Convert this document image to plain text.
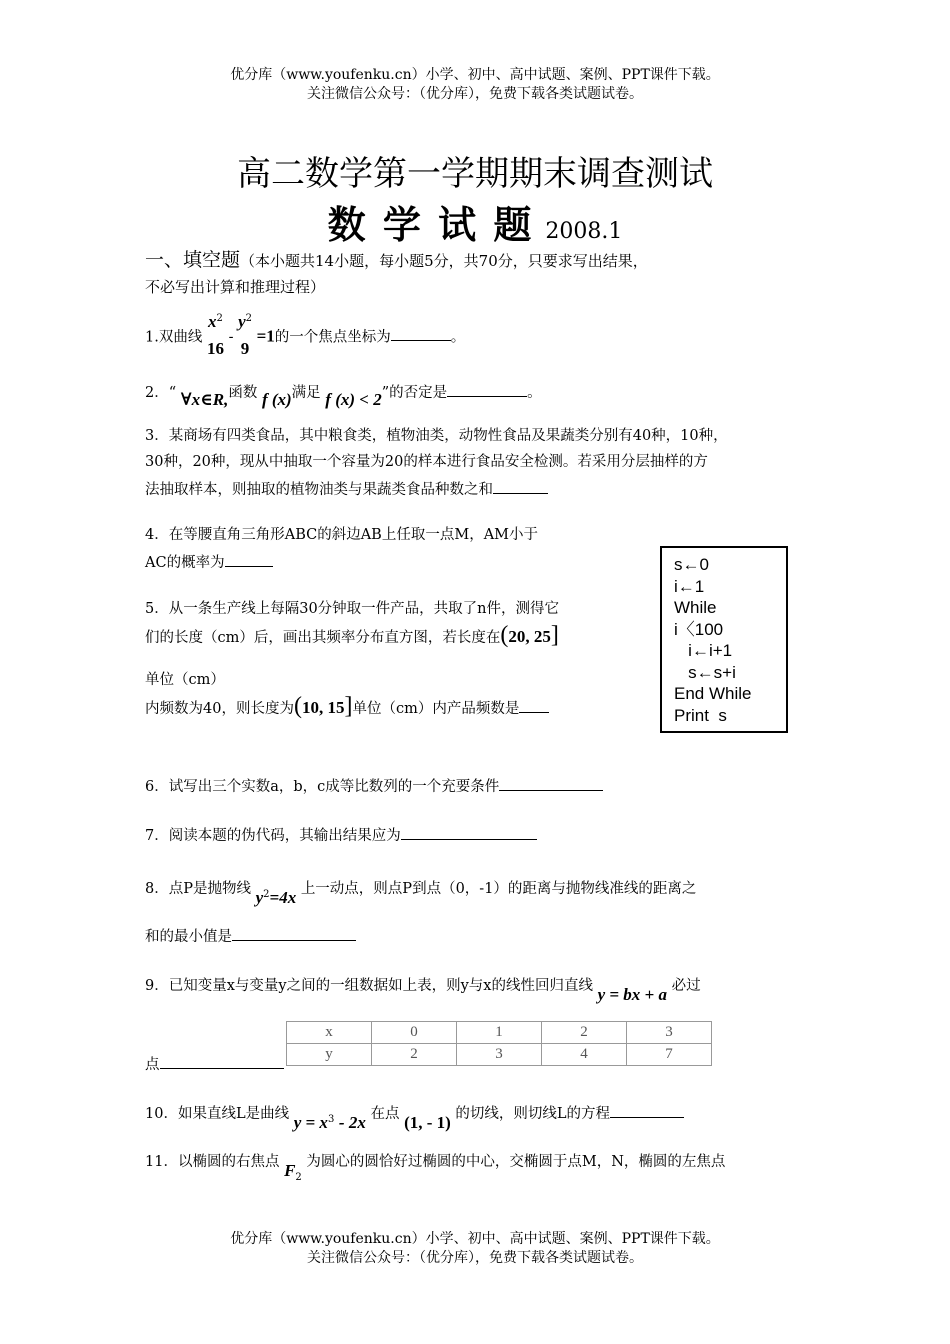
优分库（www.youfenku.cn）小学、初中、高中试题、案例、PPT课件下载。
关注微信公众号：（优分库），免费下载各类试题试卷。
高二数学第一学期期末调查测试
数 学 试 题 2008.1
一、填空题（本小题共14小题，每小题5分，共70分，只要求写出结果，
不必写出计算和推理过程）
1.双曲线 $x^2$
$16 - y^2$
9 =1的一个焦点坐标为	。
2．“ ∀x∈R,函数 f (x)满足 f (x) < 2”的否定是	。
3．某商场有四类食品，其中粮食类，植物油类，动物性食品及果蔬类分别有40种，10种，
30种，20种，现从中抽取一个容量为20的样本进行食品安全检测。若采用分层抽样的方
法抽取样本，则抽取的植物油类与果蔬类食品种数之和
4．在等腰直角三角形ABC的斜边AB上任取一点M，AM小于
AC的概率为
5．从一条生产线上每隔30分钟取一件产品，共取了n件，测得它
们的长度（cm）后，画出其频率分布直方图，若长度在(20, 25]
单位（cm）
内频数为40，则长度为(10, 15]单位（cm）内产品频数是
s←0
i←1
While
i〈100
i←i+1
s←s+i
End While
Print  s
6．试写出三个实数a，b，c成等比数列的一个充要条件
7．阅读本题的伪代码，其输出结果应为
8．点P是抛物线 $y^2=4x$ 上一动点，则点P到点（0，-1）的距离与抛物线准线的距离之
和的最小值是
9．已知变量x与变量y之间的一组数据如上表，则y与x的线性回归直线 y = bx + a 必过
点
x	0	1	2	3
y	2	3	4	7
10．如果直线L是曲线 $y = x^3 - 2x$ 在点 (1, - 1) 的切线，则切线L的方程
11．以椭圆的右焦点 $F_2$ 为圆心的圆恰好过椭圆的中心，交椭圆于点M，N，椭圆的左焦点
优分库（www.youfenku.cn）小学、初中、高中试题、案例、PPT课件下载。
关注微信公众号：（优分库），免费下载各类试题试卷。
